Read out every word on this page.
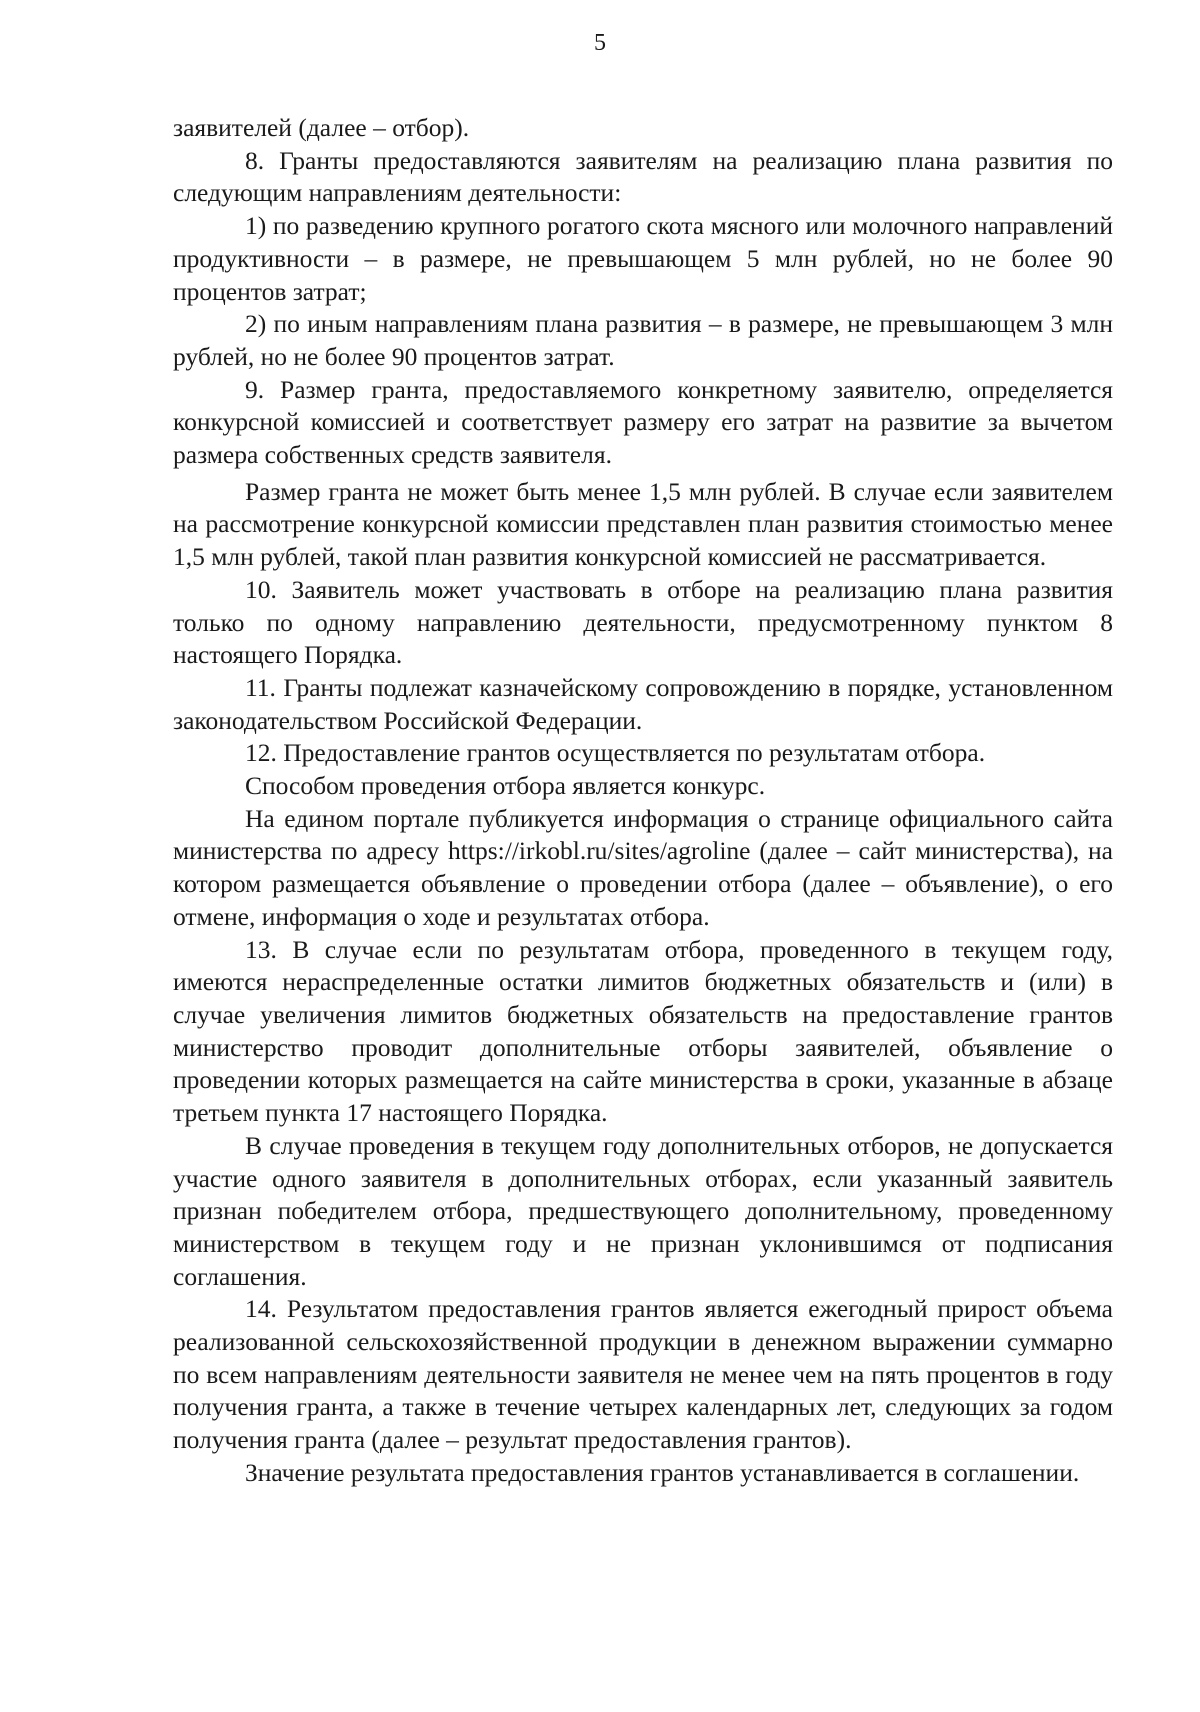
5

заявителей (далее – отбор).

8. Гранты предоставляются заявителям на реализацию плана развития по следующим направлениям деятельности:

1) по разведению крупного рогатого скота мясного или молочного направлений продуктивности – в размере, не превышающем 5 млн рублей, но не более 90 процентов затрат;

2) по иным направлениям плана развития – в размере, не превышающем 3 млн рублей, но не более 90 процентов затрат.

9. Размер гранта, предоставляемого конкретному заявителю, определяется конкурсной комиссией и соответствует размеру его затрат на развитие за вычетом размера собственных средств заявителя.

Размер гранта не может быть менее 1,5 млн рублей. В случае если заявителем на рассмотрение конкурсной комиссии представлен план развития стоимостью менее 1,5 млн рублей, такой план развития конкурсной комиссией не рассматривается.

10. Заявитель может участвовать в отборе на реализацию плана развития только по одному направлению деятельности, предусмотренному пунктом 8 настоящего Порядка.

11. Гранты подлежат казначейскому сопровождению в порядке, установленном законодательством Российской Федерации.

12. Предоставление грантов осуществляется по результатам отбора.

Способом проведения отбора является конкурс.

На едином портале публикуется информация о странице официального сайта министерства по адресу https://irkobl.ru/sites/agroline (далее – сайт министерства), на котором размещается объявление о проведении отбора (далее – объявление), о его отмене, информация о ходе и результатах отбора.

13. В случае если по результатам отбора, проведенного в текущем году, имеются нераспределенные остатки лимитов бюджетных обязательств и (или) в случае увеличения лимитов бюджетных обязательств на предоставление грантов министерство проводит дополнительные отборы заявителей, объявление о проведении которых размещается на сайте министерства в сроки, указанные в абзаце третьем пункта 17 настоящего Порядка.

В случае проведения в текущем году дополнительных отборов, не допускается участие одного заявителя в дополнительных отборах, если указанный заявитель признан победителем отбора, предшествующего дополнительному, проведенному министерством в текущем году и не признан уклонившимся от подписания соглашения.

14. Результатом предоставления грантов является ежегодный прирост объема реализованной сельскохозяйственной продукции в денежном выражении суммарно по всем направлениям деятельности заявителя не менее чем на пять процентов в году получения гранта, а также в течение четырех календарных лет, следующих за годом получения гранта (далее – результат предоставления грантов).

Значение результата предоставления грантов устанавливается в соглашении.
